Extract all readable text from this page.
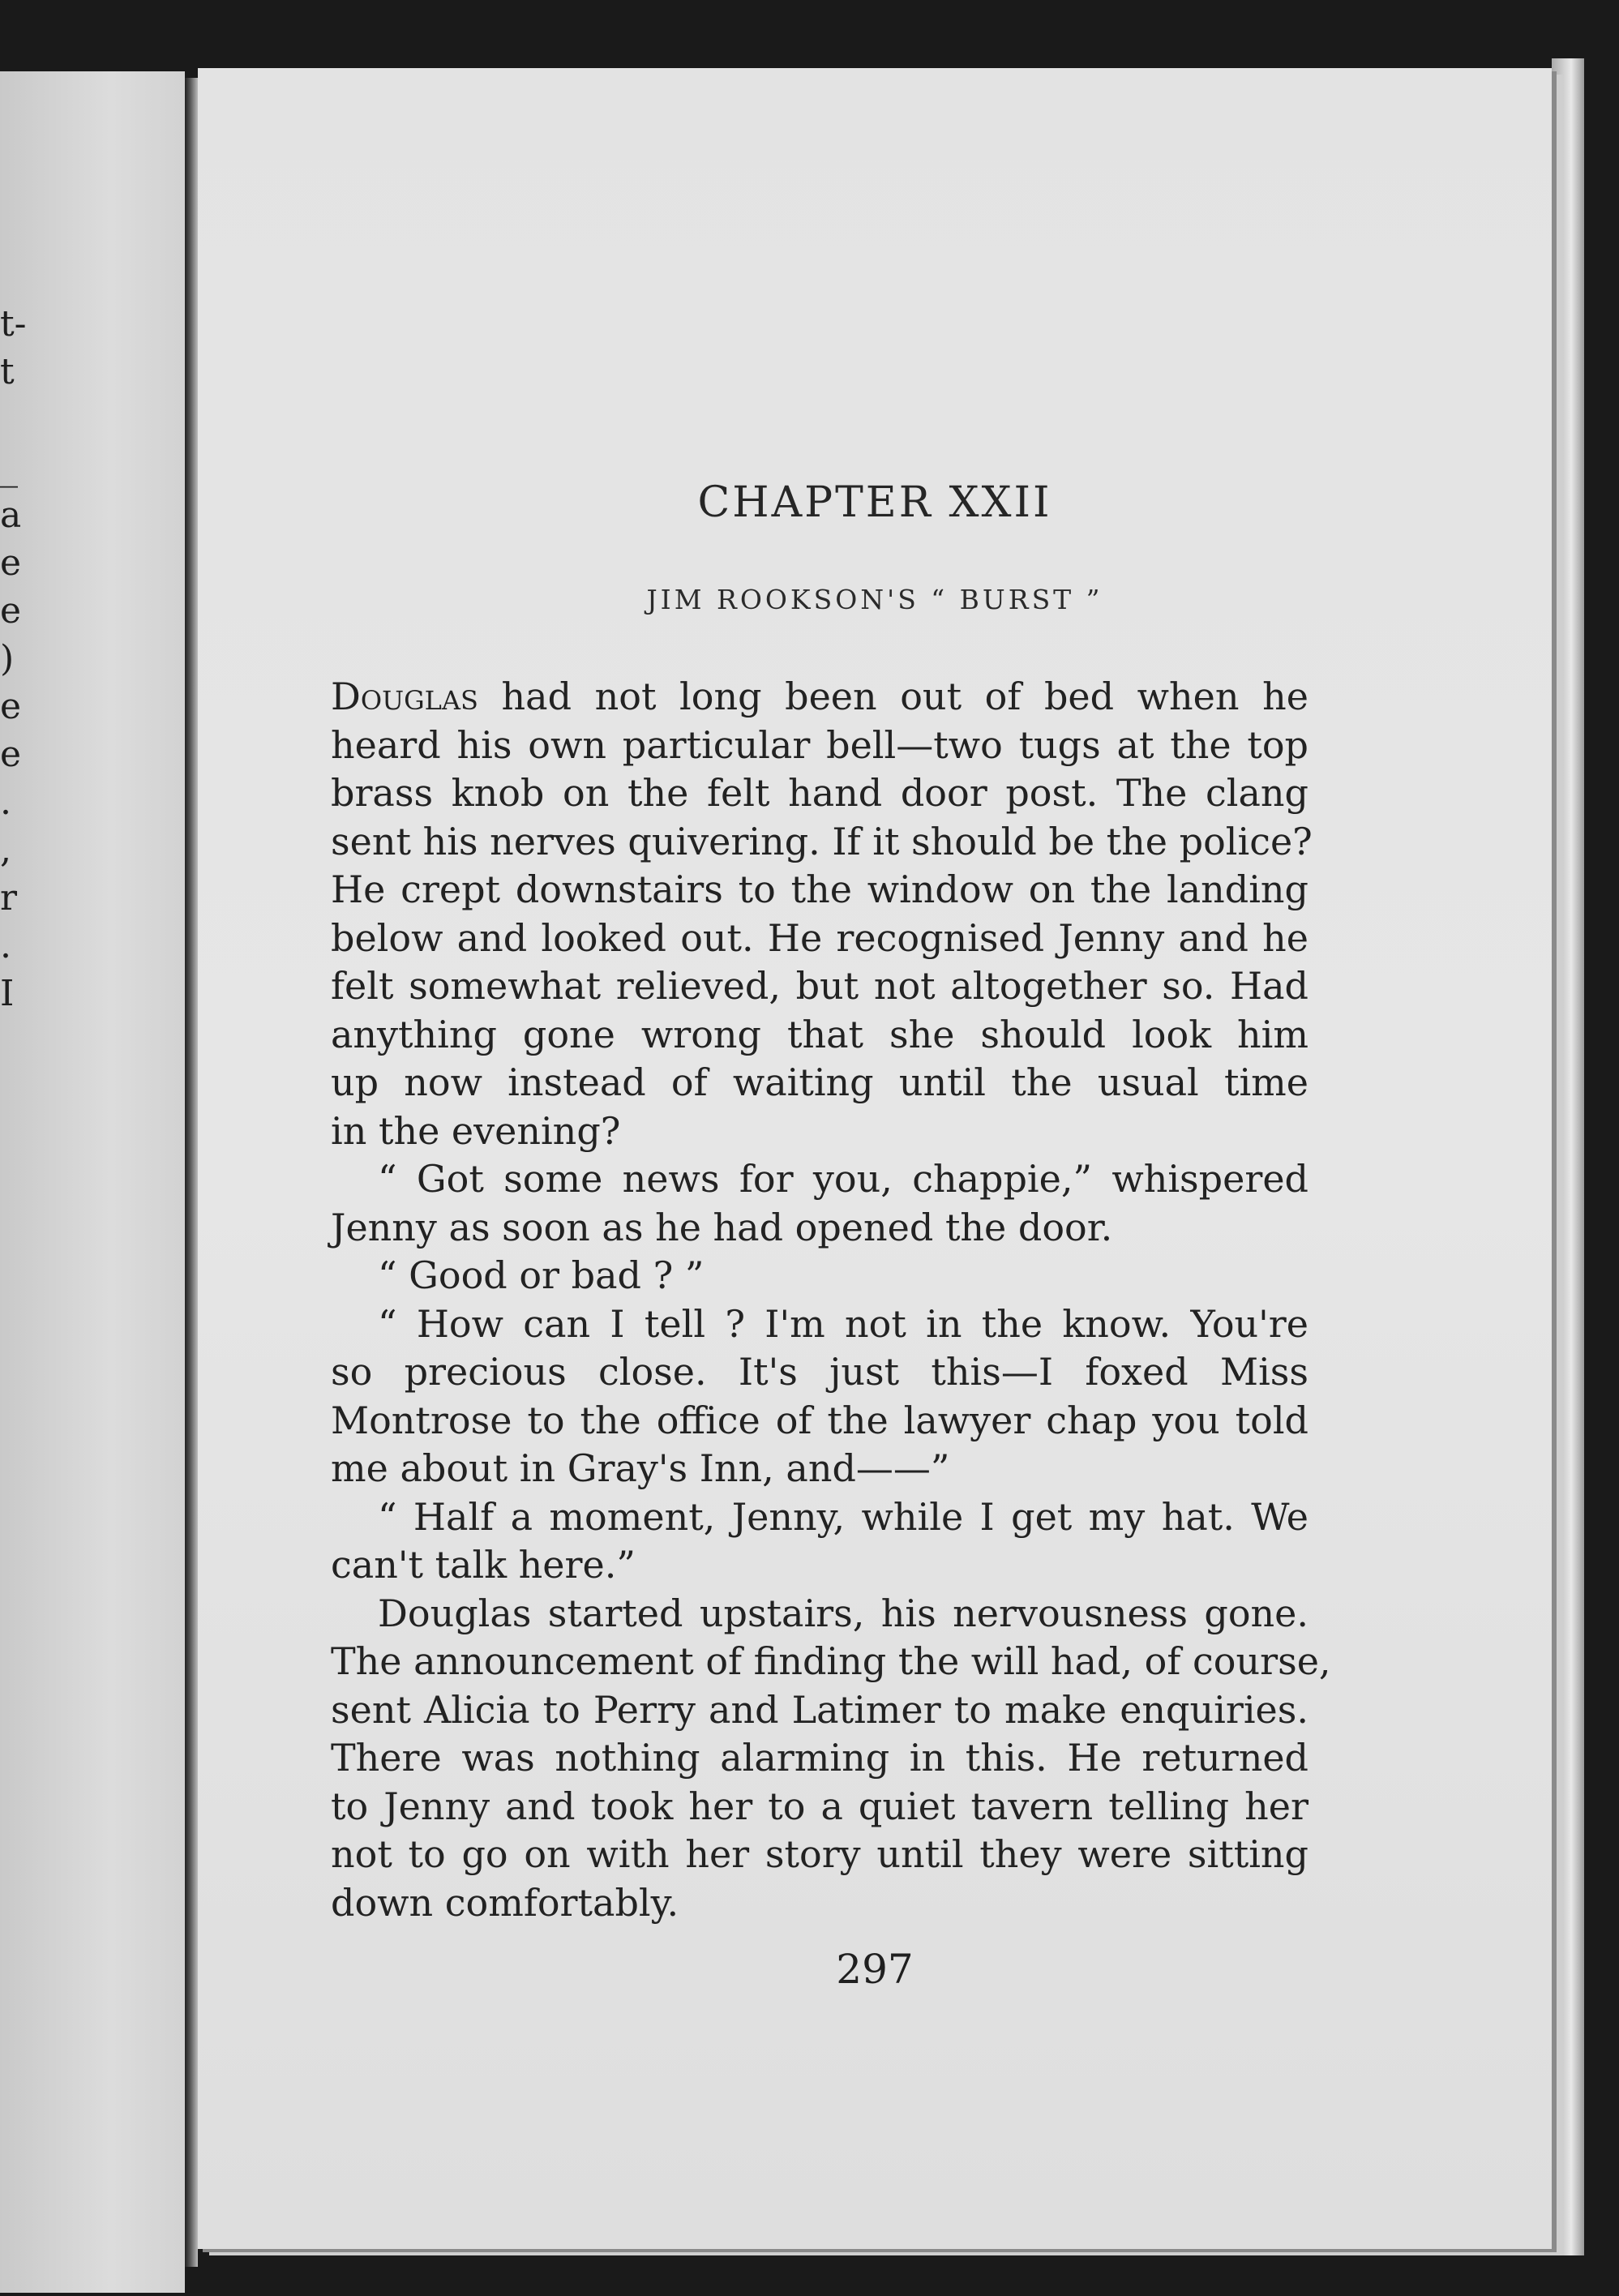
t-
t
_
a
e
e
)
e
e
.
,
r
.
I
CHAPTER XXII
JIM ROOKSON'S “ BURST ”
Douglas had not long been out of bed when he
heard his own particular bell—two tugs at the top
brass knob on the felt hand door post. The clang
sent his nerves quivering. If it should be the police?
He crept downstairs to the window on the landing
below and looked out. He recognised Jenny and he
felt somewhat relieved, but not altogether so. Had
anything gone wrong that she should look him
up now instead of waiting until the usual time
in the evening?
“ Got some news for you, chappie,” whispered
Jenny as soon as he had opened the door.
“ Good or bad ? ”
“ How can I tell ? I'm not in the know. You're
so precious close. It's just this—I foxed Miss
Montrose to the office of the lawyer chap you told
me about in Gray's Inn, and——”
“ Half a moment, Jenny, while I get my hat. We
can't talk here.”
Douglas started upstairs, his nervousness gone.
The announcement of finding the will had, of course,
sent Alicia to Perry and Latimer to make enquiries.
There was nothing alarming in this. He returned
to Jenny and took her to a quiet tavern telling her
not to go on with her story until they were sitting
down comfortably.
297
